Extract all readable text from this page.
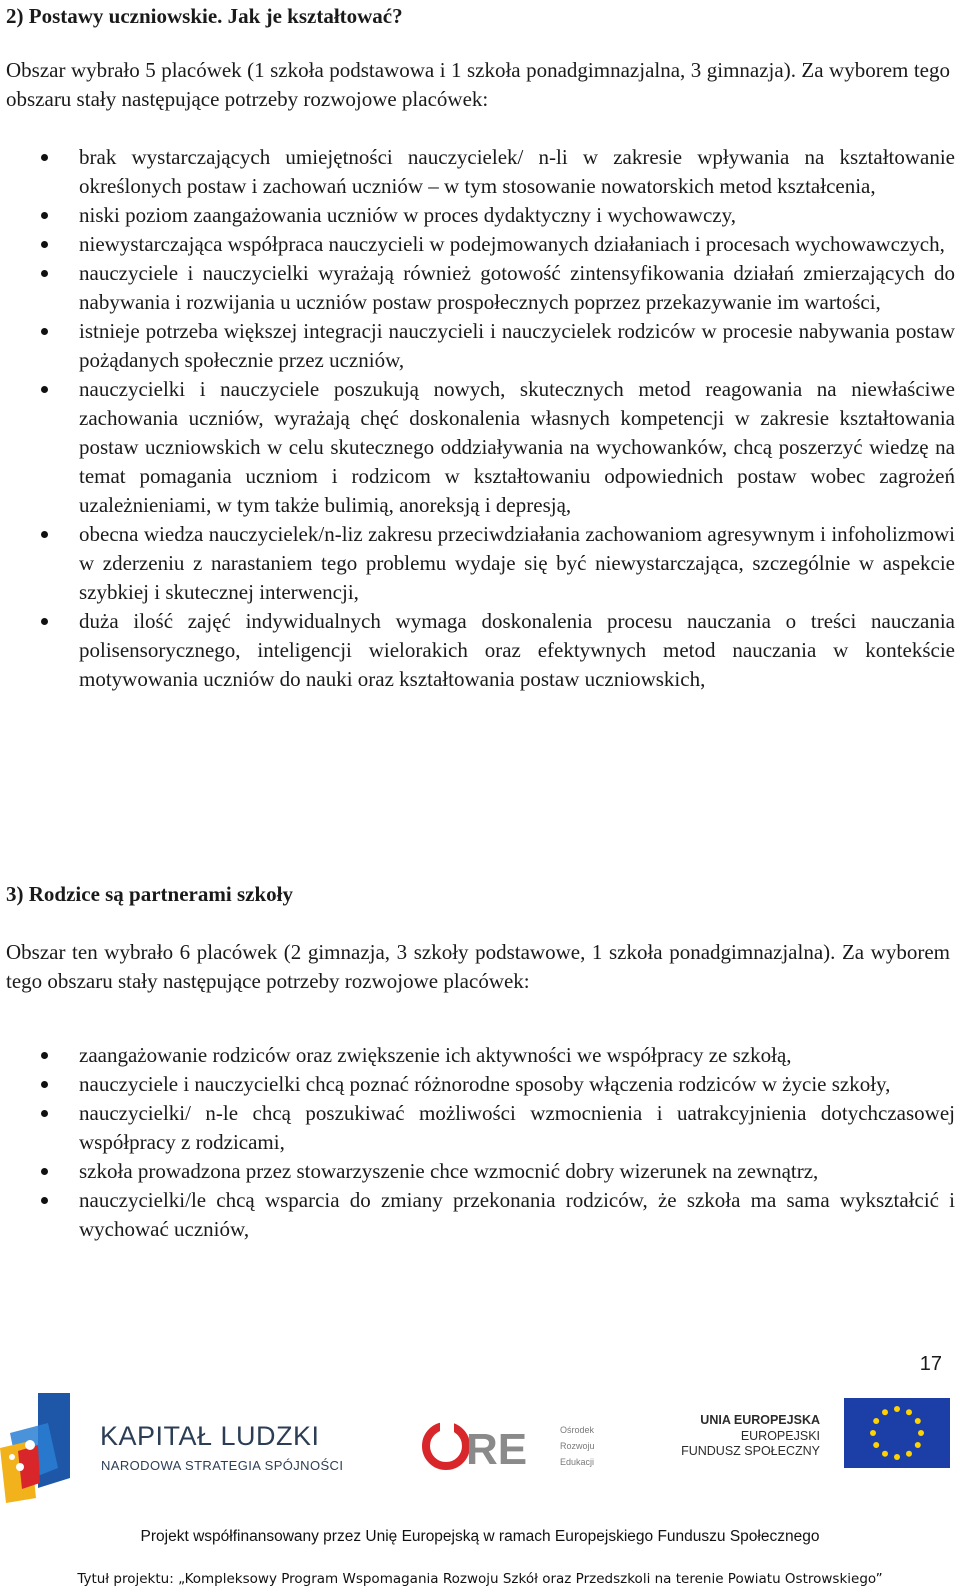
2) Postawy uczniowskie. Jak je kształtować?

Obszar wybrało 5 placówek (1 szkoła podstawowa i 1 szkoła ponadgimnazjalna, 3 gimnazja). Za wyborem tego obszaru stały następujące potrzeby rozwojowe placówek:

brak wystarczających umiejętności nauczycielek/ n-li w zakresie wpływania na kształtowanie określonych postaw i zachowań uczniów – w tym stosowanie nowatorskich metod kształcenia,
niski poziom zaangażowania uczniów w proces dydaktyczny i wychowawczy,
niewystarczająca współpraca nauczycieli w podejmowanych działaniach i procesach wychowawczych,
nauczyciele i nauczycielki wyrażają również gotowość zintensyfikowania działań zmierzających do nabywania i rozwijania u uczniów postaw prospołecznych poprzez przekazywanie im wartości,
istnieje potrzeba większej integracji nauczycieli i nauczycielek rodziców w procesie nabywania postaw pożądanych społecznie przez uczniów,
nauczycielki i nauczyciele poszukują nowych, skutecznych metod reagowania na niewłaściwe zachowania uczniów, wyrażają chęć doskonalenia własnych kompetencji w zakresie kształtowania postaw uczniowskich w celu skutecznego oddziaływania na wychowanków, chcą poszerzyć wiedzę na temat pomagania uczniom i rodzicom w kształtowaniu odpowiednich postaw wobec zagrożeń uzależnieniami, w tym także bulimią, anoreksją i depresją,
obecna wiedza nauczycielek/n-liz zakresu przeciwdziałania zachowaniom agresywnym i infoholizmowi w zderzeniu z narastaniem tego problemu wydaje się być niewystarczająca, szczególnie w aspekcie szybkiej i skutecznej interwencji,
duża ilość zajęć indywidualnych wymaga doskonalenia procesu nauczania o treści nauczania polisensorycznego, inteligencji wielorakich oraz efektywnych metod nauczania w kontekście motywowania uczniów do nauki oraz kształtowania postaw uczniowskich,
3) Rodzice są partnerami szkoły

Obszar ten wybrało 6 placówek (2 gimnazja, 3 szkoły podstawowe, 1 szkoła ponadgimnazjalna). Za wyborem tego obszaru stały następujące potrzeby rozwojowe placówek:

zaangażowanie rodziców oraz zwiększenie ich aktywności we współpracy ze szkołą,
nauczyciele i nauczycielki chcą poznać różnorodne sposoby włączenia rodziców w życie szkoły,
nauczycielki/ n-le chcą poszukiwać możliwości wzmocnienia i uatrakcyjnienia dotychczasowej współpracy z rodzicami,
szkoła prowadzona przez stowarzyszenie chce wzmocnić dobry wizerunek na zewnątrz,
nauczycielki/le chcą wsparcia do zmiany przekonania rodziców, że szkoła ma sama wykształcić i wychować uczniów,
17
KAPITAŁ LUDZKI
NARODOWA STRATEGIA SPÓJNOŚCI	RE	Ośrodek
Rozwoju
Edukacji
UNIA EUROPEJSKA
EUROPEJSKI
FUNDUSZ SPOŁECZNY
Projekt współfinansowany przez Unię Europejską w ramach Europejskiego Funduszu Społecznego
Tytuł projektu: „Kompleksowy Program Wspomagania Rozwoju Szkół oraz Przedszkoli na terenie Powiatu Ostrowskiego”
